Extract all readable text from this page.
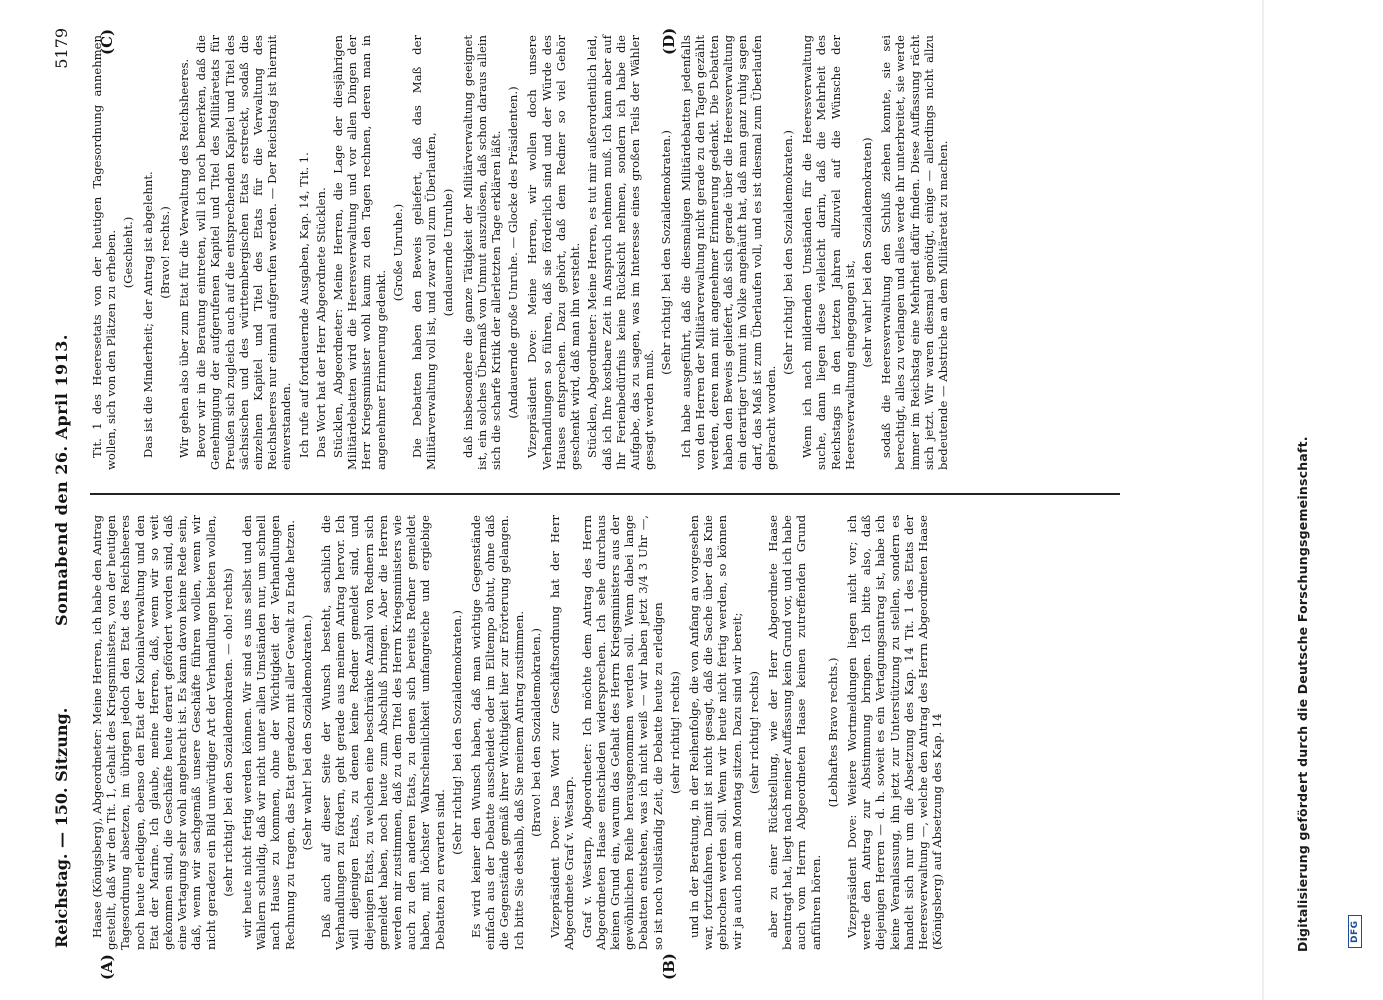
Reichstag. — 150. Sitzung.
Sonnabend den 26. April 1913.
5179
(A)	(B)
(C)	(D)

Haase (Königsberg), Abgeordneter: Meine Herren, ich habe den Antrag gestellt, daß wir den Tit. 1, Gehalt des Kriegsministers, von der heutigen Tagesordnung absetzen, im übrigen jedoch den Etat des Reichsheeres noch heute erledigen, ebenso den Etat der Kolonialverwaltung und den Etat der Marine. Ich glaube, meine Herren, daß, wenn wir so weit gekommen sind, die Geschäfte heute derart gefördert worden sind, daß eine Vertagung sehr wohl angebracht ist. Es kann davon keine Rede sein, daß, wenn wir sachgemäß unsere Geschäfte führen wollen, wenn wir nicht geradezu ein Bild unwürdiger Art der Verhandlungen bieten wollen, (sehr richtig! bei den Sozialdemokraten. — oho! rechts) wir heute nicht fertig werden können. Wir sind es uns selbst und den Wählern schuldig, daß wir nicht unter allen Umständen nur, um schnell nach Hause zu kommen, ohne der Wichtigkeit der Verhandlungen Rechnung zu tragen, das Etat geradezu mit aller Gewalt zu Ende hetzen. (Sehr wahr! bei den Sozialdemokraten.) Daß auch auf dieser Seite der Wunsch besteht, sachlich die Verhandlungen zu fördern, geht gerade aus meinem Antrag hervor. Ich will diejenigen Etats, zu denen keine Redner gemeldet sind, und diejenigen Etats, zu welchen eine beschränkte Anzahl von Rednern sich gemeldet haben, noch heute zum Abschluß bringen. Aber die Herren werden mir zustimmen, daß zu dem Titel des Herrn Kriegsministers wie auch zu den anderen Etats, zu denen sich bereits Redner gemeldet haben, mit höchster Wahrscheinlichkeit umfangreiche und ergiebige Debatten zu erwarten sind.

(Sehr richtig! bei den Sozialdemokraten.) Es wird keiner den Wunsch haben, daß man wichtige Gegenstände einfach aus der Debatte ausscheidet oder im Eiltempo abtut, ohne daß die Gegenstände gemäß ihrer Wichtigkeit hier zur Erörterung gelangen. Ich bitte Sie deshalb, daß Sie meinem Antrag zustimmen. (Bravo! bei den Sozialdemokraten.) Vizepräsident Dove: Das Wort zur Geschäftsordnung hat der Herr Abgeordnete Graf v. Westarp. Graf v. Westarp, Abgeordneter: Ich möchte dem Antrag des Herrn Abgeordneten Haase entschieden widersprechen. Ich sehe durchaus keinen Grund ein, warum das Gehalt des Herrn Kriegsministers aus der gewöhnlichen Reihe herausgenommen werden soll. Wenn dabei lange Debatten entstehen, was ich nicht weiß — wir haben jetzt 3/4 3 Uhr —, so ist noch vollständig Zeit, die Debatte heute zu erledigen (sehr richtig! rechts) und in der Beratung, in der Reihenfolge, die von Anfang an vorgesehen war, fortzufahren. Damit ist nicht gesagt, daß die Sache über das Knie gebrochen werden soll. Wenn wir heute nicht fertig werden, so können wir ja auch noch am Montag sitzen. Dazu sind wir bereit; (sehr richtig! rechts) aber zu einer Rückstellung, wie der Herr Abgeordnete Haase beantragt hat, liegt nach meiner Auffassung kein Grund vor, und ich habe auch vom Herrn Abgeordneten Haase keinen zutreffenden Grund anführen hören.

(Lebhaftes Bravo rechts.) Vizepräsident Dove: Weitere Wortmeldungen liegen nicht vor; ich werde den Antrag zur Abstimmung bringen. Ich bitte also, daß diejenigen Herren — d. h. soweit es ein Vertagungsantrag ist, habe ich keine Veranlassung, ihn jetzt zur Unterstützung zu stellen, sondern es handelt sich nur um die Absetzung des Kap. 14 Tit. 1 des Etats der Heeresverwaltung —, welche den Antrag des Herrn Abgeordneten Haase (Königsberg) auf Absetzung des Kap. 14

Tit. 1 des Heeresetats von der heutigen Tagesordnung annehmen wollen, sich von den Plätzen zu erheben. (Geschieht.) Das ist die Minderheit; der Antrag ist abgelehnt. (Bravo! rechts.) Wir gehen also über zum Etat für die Verwaltung des Reichsheeres. Bevor wir in die Beratung eintreten, will ich noch bemerken, daß die Genehmigung der aufgerufenen Kapitel und Titel des Militäretats für Preußen sich zugleich auch auf die entsprechenden Kapitel und Titel des sächsischen und des württembergischen Etats erstreckt, sodaß die einzelnen Kapitel und Titel des Etats für die Verwaltung des Reichsheeres nur einmal aufgerufen werden. — Der Reichstag ist hiermit einverstanden. Ich rufe auf fortdauernde Ausgaben, Kap. 14, Tit. 1. Das Wort hat der Herr Abgeordnete Stücklen. Stücklen, Abgeordneter: Meine Herren, die Lage der diesjährigen Militärdebatten wird die Heeresverwaltung und vor allen Dingen der Herr Kriegsminister wohl kaum zu den Tagen rechnen, deren man in angenehmer Erinnerung gedenkt.

(Große Unruhe.) Die Debatten haben den Beweis geliefert, daß das Maß der Militärverwaltung voll ist, und zwar voll zum Überlaufen, (andauernde Unruhe) daß insbesondere die ganze Tätigkeit der Militärverwaltung geeignet ist, ein solches Übermaß von Unmut auszulösen, daß schon daraus allein sich die scharfe Kritik der allerletzten Tage erklären läßt. (Andauernde große Unruhe. — Glocke des Präsidenten.) Vizepräsident Dove: Meine Herren, wir wollen doch unsere Verhandlungen so führen, daß sie förderlich sind und der Würde des Hauses entsprechen. Dazu gehört, daß dem Redner so viel Gehör geschenkt wird, daß man ihn versteht. Stücklen, Abgeordneter: Meine Herren, es tut mir außerordentlich leid, daß ich Ihre kostbare Zeit in Anspruch nehmen muß. Ich kann aber auf Ihr Ferienbedürfnis keine Rücksicht nehmen, sondern ich habe die Aufgabe, das zu sagen, was im Interesse eines großen Teils der Wähler gesagt werden muß.

(Sehr richtig! bei den Sozialdemokraten.) Ich habe ausgeführt, daß die diesmaligen Militärdebatten jedenfalls von den Herren der Militärverwaltung nicht gerade zu den Tagen gezählt werden, deren man mit angenehmer Erinnerung gedenkt. Die Debatten haben den Beweis geliefert, daß sich gerade über die Heeresverwaltung ein derartiger Unmut im Volke angehäuft hat, daß man ganz ruhig sagen darf, das Maß ist zum Überlaufen voll, und es ist diesmal zum Überlaufen gebracht worden.

(Sehr richtig! bei den Sozialdemokraten.) Wenn ich nach mildernden Umständen für die Heeresverwaltung suche, dann liegen diese vielleicht darin, daß die Mehrheit des Reichstags in den letzten Jahren allzuviel auf die Wünsche der Heeresverwaltung eingegangen ist, (sehr wahr! bei den Sozialdemokraten) sodaß die Heeresverwaltung den Schluß ziehen konnte, sie sei berechtigt, alles zu verlangen und alles werde ihr unterbreitet, sie werde immer im Reichstag eine Mehrheit dafür finden. Diese Auffassung rächt sich jetzt. Wir waren diesmal genötigt, einige — allerdings nicht allzu bedeutende — Abstriche an dem Militäretat zu machen.

Digitalisierung gefördert durch die Deutsche Forschungsgemeinschaft.	DFG
